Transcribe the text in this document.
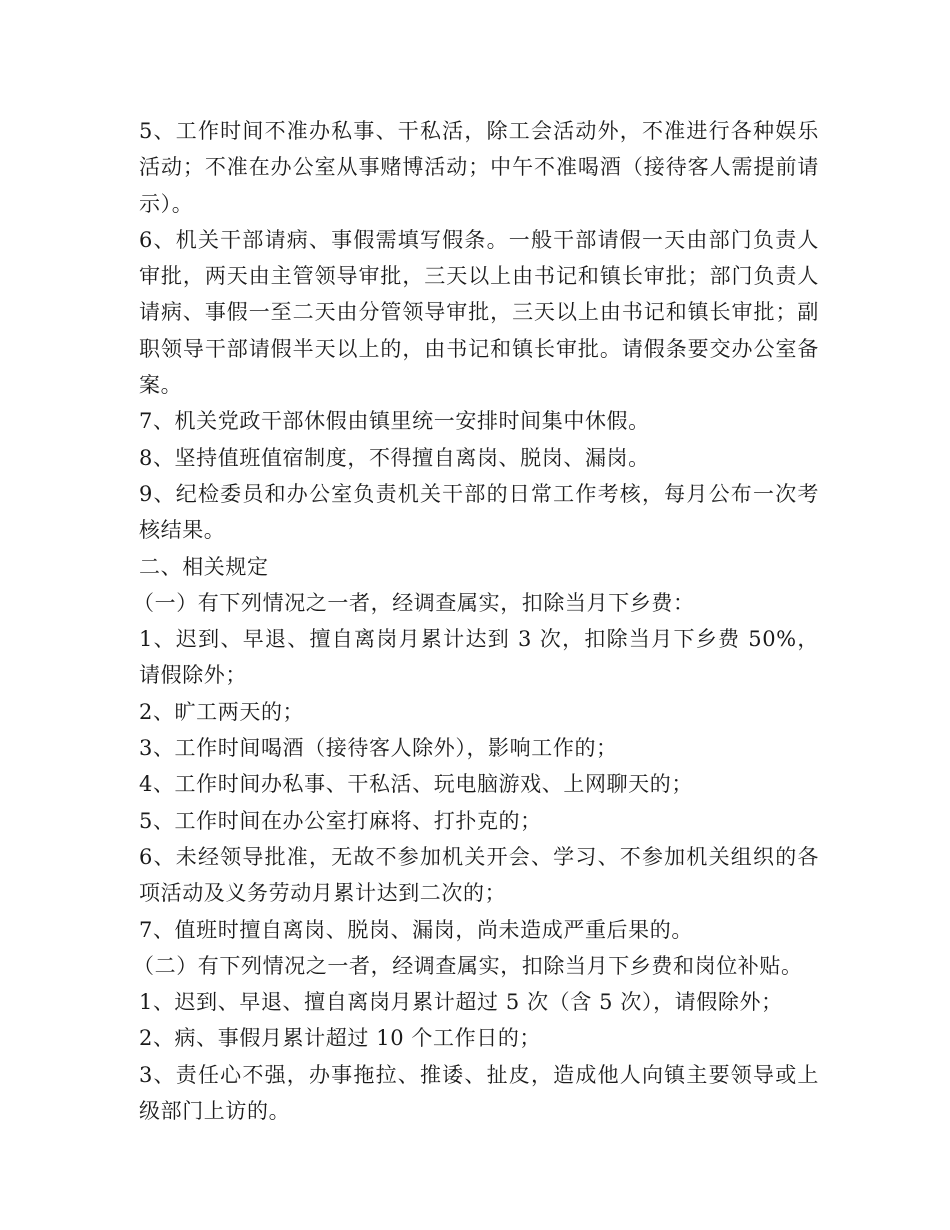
5、工作时间不准办私事、干私活，除工会活动外，不准进行各种娱乐活动；不准在办公室从事赌博活动；中午不准喝酒（接待客人需提前请示）。

6、机关干部请病、事假需填写假条。一般干部请假一天由部门负责人审批，两天由主管领导审批，三天以上由书记和镇长审批；部门负责人请病、事假一至二天由分管领导审批，三天以上由书记和镇长审批；副职领导干部请假半天以上的，由书记和镇长审批。请假条要交办公室备案。

7、机关党政干部休假由镇里统一安排时间集中休假。

8、坚持值班值宿制度，不得擅自离岗、脱岗、漏岗。

9、纪检委员和办公室负责机关干部的日常工作考核，每月公布一次考核结果。

二、相关规定

（一）有下列情况之一者，经调查属实，扣除当月下乡费：

1、迟到、早退、擅自离岗月累计达到 3 次，扣除当月下乡费 50%，请假除外；

2、旷工两天的；

3、工作时间喝酒（接待客人除外），影响工作的；

4、工作时间办私事、干私活、玩电脑游戏、上网聊天的；

5、工作时间在办公室打麻将、打扑克的；

6、未经领导批准，无故不参加机关开会、学习、不参加机关组织的各项活动及义务劳动月累计达到二次的；

7、值班时擅自离岗、脱岗、漏岗，尚未造成严重后果的。

（二）有下列情况之一者，经调查属实，扣除当月下乡费和岗位补贴。

1、迟到、早退、擅自离岗月累计超过 5 次（含 5 次），请假除外；

2、病、事假月累计超过 10 个工作日的；

3、责任心不强，办事拖拉、推诿、扯皮，造成他人向镇主要领导或上级部门上访的。
